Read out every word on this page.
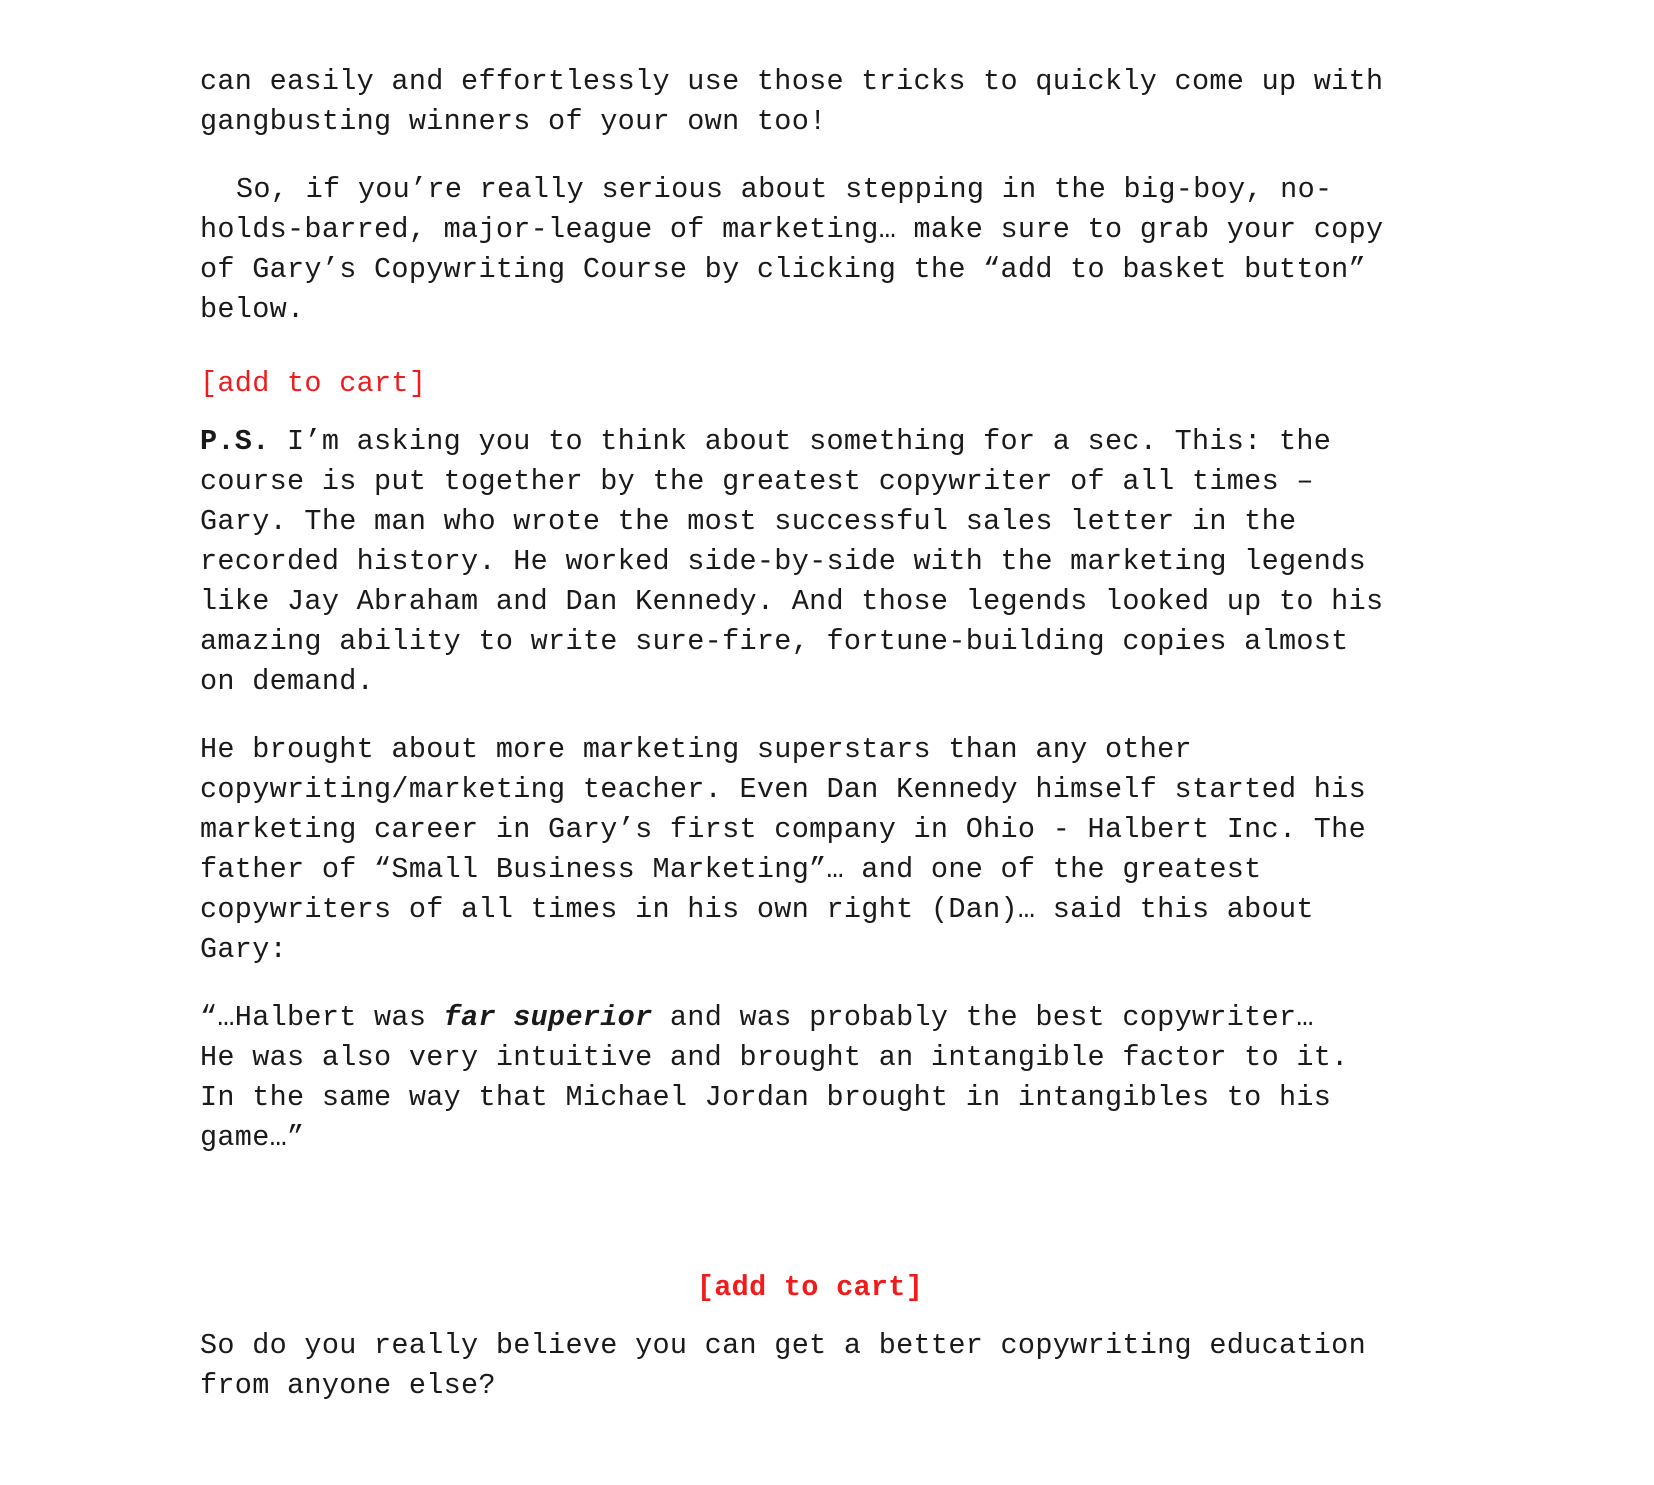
can easily and effortlessly use those tricks to quickly come up with
gangbusting winners of your own too!
So, if you’re really serious about stepping in the big-boy, no-
holds-barred, major-league of marketing… make sure to grab your copy
of Gary’s Copywriting Course by clicking the “add to basket button”
below.
[add to cart]
P.S. I’m asking you to think about something for a sec. This: the
course is put together by the greatest copywriter of all times –
Gary. The man who wrote the most successful sales letter in the
recorded history. He worked side-by-side with the marketing legends
like Jay Abraham and Dan Kennedy. And those legends looked up to his
amazing ability to write sure-fire, fortune-building copies almost
on demand.
He brought about more marketing superstars than any other
copywriting/marketing teacher. Even Dan Kennedy himself started his
marketing career in Gary’s first company in Ohio - Halbert Inc. The
father of “Small Business Marketing”… and one of the greatest
copywriters of all times in his own right (Dan)… said this about
Gary:
“…Halbert was far superior and was probably the best copywriter…
He was also very intuitive and brought an intangible factor to it.
In the same way that Michael Jordan brought in intangibles to his
game…”
[add to cart]
So do you really believe you can get a better copywriting education
from anyone else?
